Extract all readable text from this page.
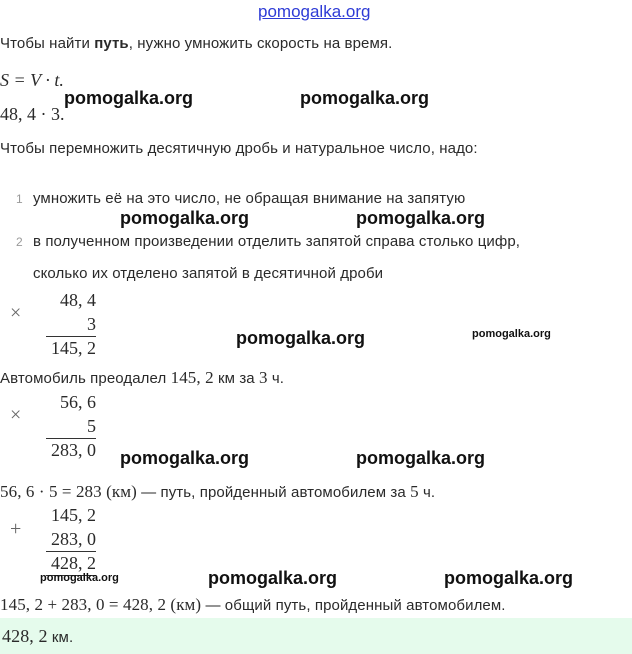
pomogalka.org
Чтобы найти путь, нужно умножить скорость на время.
S = V · t.
48, 4 · 3.
pomogalka.org	pomogalka.org
Чтобы перемножить десятичную дробь и натуральное число, надо:
1 умножить её на это число, не обращая внимание на запятую
pomogalka.org	pomogalka.org
2 в полученном произведении отделить запятой справа столько цифр,
сколько их отделено запятой в десятичной дроби
×
48, 4
3
145, 2	pomogalka.org	pomogalka.org
Автомобиль преодалел 145, 2 км за 3 ч.
×
56, 6
5
283, 0 pomogalka.org	pomogalka.org
56, 6 · 5 = 283 (км) — путь, пройденный автомобилем за 5 ч.
+
145, 2
283, 0
428, 2
pomogalka.org	pomogalka.org	pomogalka.org
145, 2 + 283, 0 = 428, 2 (км) — общий путь, пройденный автомобилем.
428, 2 км.
